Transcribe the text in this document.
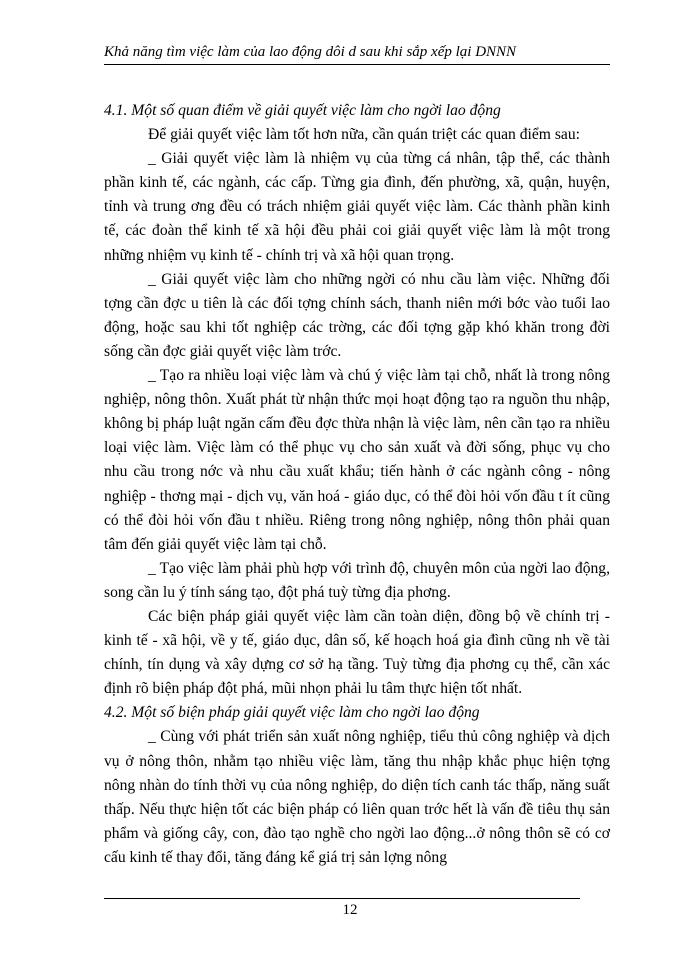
Khả năng tìm việc làm của lao động dôi d sau khi sắp xếp lại DNNN

4.1. Một số quan điểm về giải quyết việc làm cho ngời lao động

Để giải quyết việc làm tốt hơn nữa, cần quán triệt các quan điểm sau:

_ Giải quyết việc làm là nhiệm vụ của từng cá nhân, tập thể, các thành phần kinh tế, các ngành, các cấp. Từng gia đình, đến phường, xã, quận, huyện, tỉnh và trung ơng đều có trách nhiệm giải quyết việc làm. Các thành phần kinh tế, các đoàn thể kinh tế xã hội đều phải coi giải quyết việc làm là một trong những nhiệm vụ kinh tế - chính trị và xã hội quan trọng.

_ Giải quyết việc làm cho những ngời có nhu cầu làm việc. Những đối tợng cần đợc u tiên là các đối tợng chính sách, thanh niên mới bớc vào tuổi lao động, hoặc sau khi tốt nghiệp các trờng, các đối tợng gặp khó khăn trong đời sống cần đợc giải quyết việc làm trớc.

_ Tạo ra nhiều loại việc làm và chú ý việc làm tại chỗ, nhất là trong nông nghiệp, nông thôn. Xuất phát từ nhận thức mọi hoạt động tạo ra nguồn thu nhập, không bị pháp luật ngăn cấm đều đợc thừa nhận là việc làm, nên cần tạo ra nhiều loại việc làm. Việc làm có thể phục vụ cho sản xuất và đời sống, phục vụ cho nhu cầu trong nớc và nhu cầu xuất khẩu; tiến hành ở các ngành công - nông nghiệp - thơng mại - dịch vụ, văn hoá - giáo dục, có thể đòi hỏi vốn đầu t ít cũng có thể đòi hỏi vốn đầu t nhiều. Riêng trong nông nghiệp, nông thôn phải quan tâm đến giải quyết việc làm tại chỗ.

_ Tạo việc làm phải phù hợp với trình độ, chuyên môn của ngời lao động, song cần lu ý tính sáng tạo, đột phá tuỳ từng địa phơng.

Các biện pháp giải quyết việc làm cần toàn diện, đồng bộ về chính trị - kinh tế - xã hội, về y tế, giáo dục, dân số, kế hoạch hoá gia đình cũng nh về tài chính, tín dụng và xây dựng cơ sở hạ tầng. Tuỳ từng địa phơng cụ thể, cần xác định rõ biện pháp đột phá, mũi nhọn phải lu tâm thực hiện tốt nhất.

4.2. Một số biện pháp giải quyết việc làm cho ngời lao động

_ Cùng với phát triển sản xuất nông nghiệp, tiểu thủ công nghiệp và dịch vụ ở nông thôn, nhằm tạo nhiều việc làm, tăng thu nhập khắc phục hiện tợng nông nhàn do tính thời vụ của nông nghiệp, do diện tích canh tác thấp, năng suất thấp. Nếu thực hiện tốt các biện pháp có liên quan trớc hết là vấn đề tiêu thụ sản phẩm và giống cây, con, đào tạo nghề cho ngời lao động...ở nông thôn sẽ có cơ cấu kinh tế thay đổi, tăng đáng kể giá trị sản lợng nông

12
